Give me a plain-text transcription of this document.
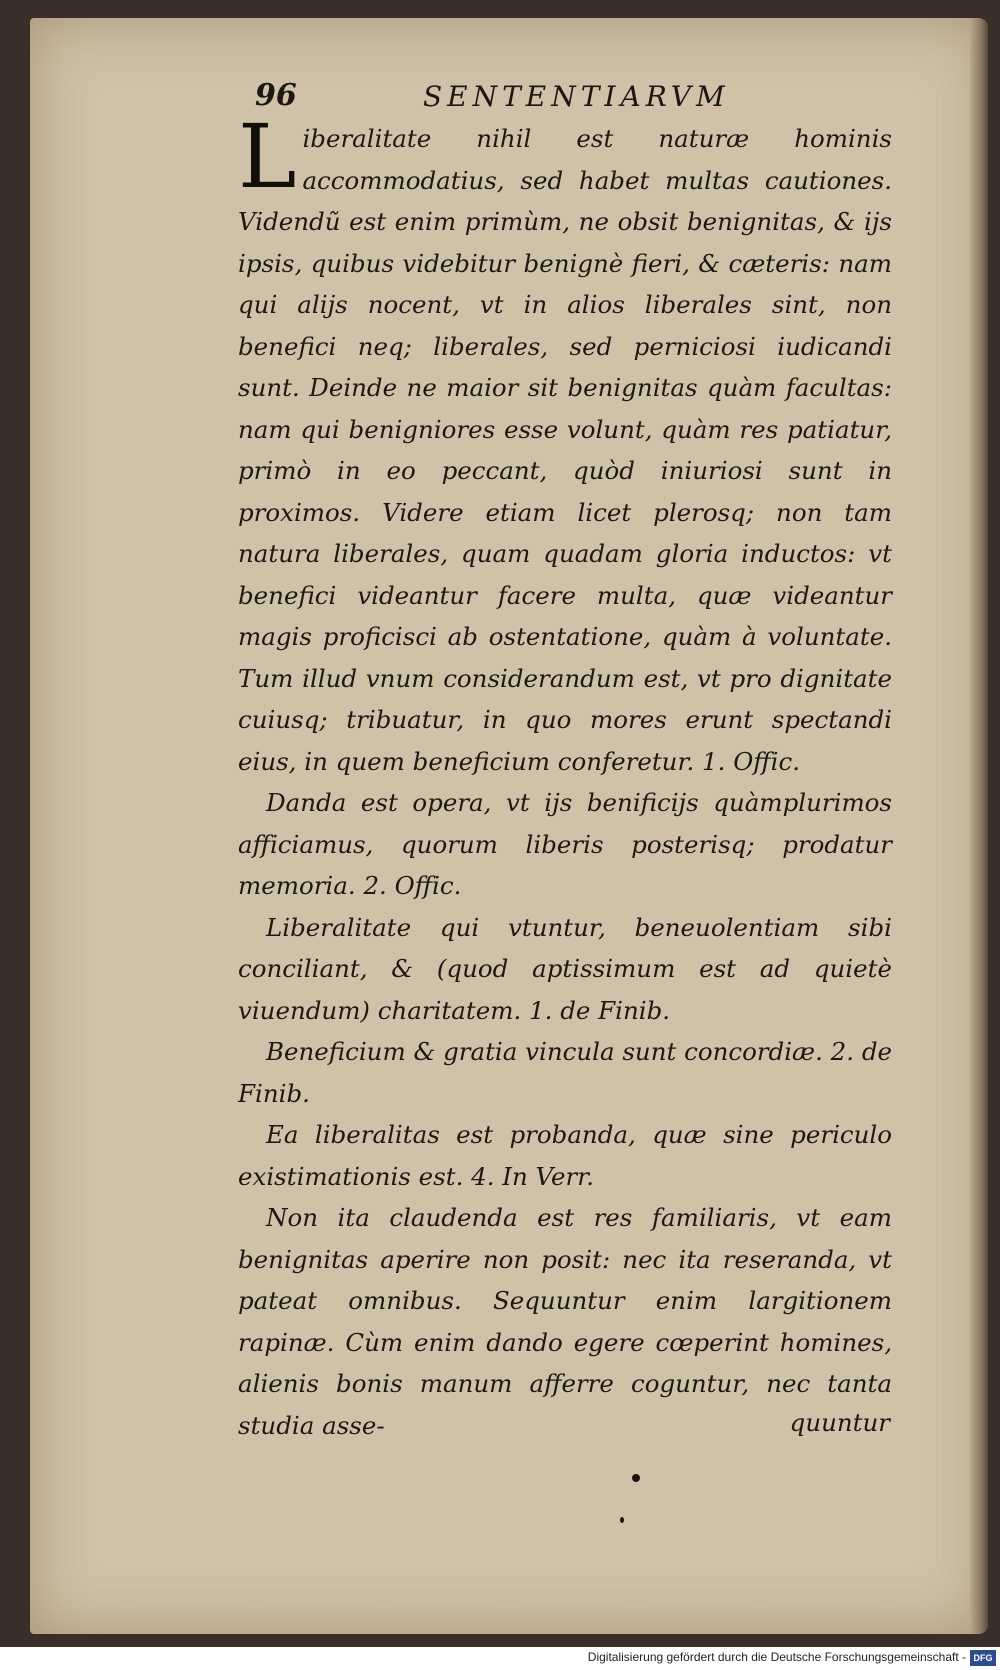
96	SENTENTIARVM

Liberalitate nihil est naturæ hominis accommodatius, sed habet multas cautiones. Videndũ est enim primùm, ne obsit benignitas, & ijs ipsis, quibus videbitur benignè fieri, & cæteris: nam qui alijs nocent, vt in alios liberales sint, non benefici neq; liberales, sed perniciosi iudicandi sunt. Deinde ne maior sit benignitas quàm facultas: nam qui benigniores esse volunt, quàm res patiatur, primò in eo peccant, quòd iniuriosi sunt in proximos. Videre etiam licet plerosq; non tam natura liberales, quam quadam gloria inductos: vt benefici videantur facere multa, quæ videantur magis proficisci ab ostentatione, quàm à voluntate. Tum illud vnum considerandum est, vt pro dignitate cuiusq; tribuatur, in quo mores erunt spectandi eius, in quem beneficium conferetur. 1. Offic.

Danda est opera, vt ijs benificijs quàmplurimos afficiamus, quorum liberis posterisq; prodatur memoria. 2. Offic.

Liberalitate qui vtuntur, beneuolentiam sibi conciliant, & (quod aptissimum est ad quietè viuendum) charitatem. 1. de Finib.

Beneficium & gratia vincula sunt concordiæ. 2. de Finib.

Ea liberalitas est probanda, quæ sine periculo existimationis est. 4. In Verr.

Non ita claudenda est res familiaris, vt eam benignitas aperire non posit: nec ita reseranda, vt pateat omnibus. Sequuntur enim largitionem rapinæ. Cùm enim dando egere cœperint homines, alienis bonis manum afferre coguntur, nec tanta studia asse-	quuntur
Digitalisierung gefördert durch die Deutsche Forschungsgemeinschaft - DFG
